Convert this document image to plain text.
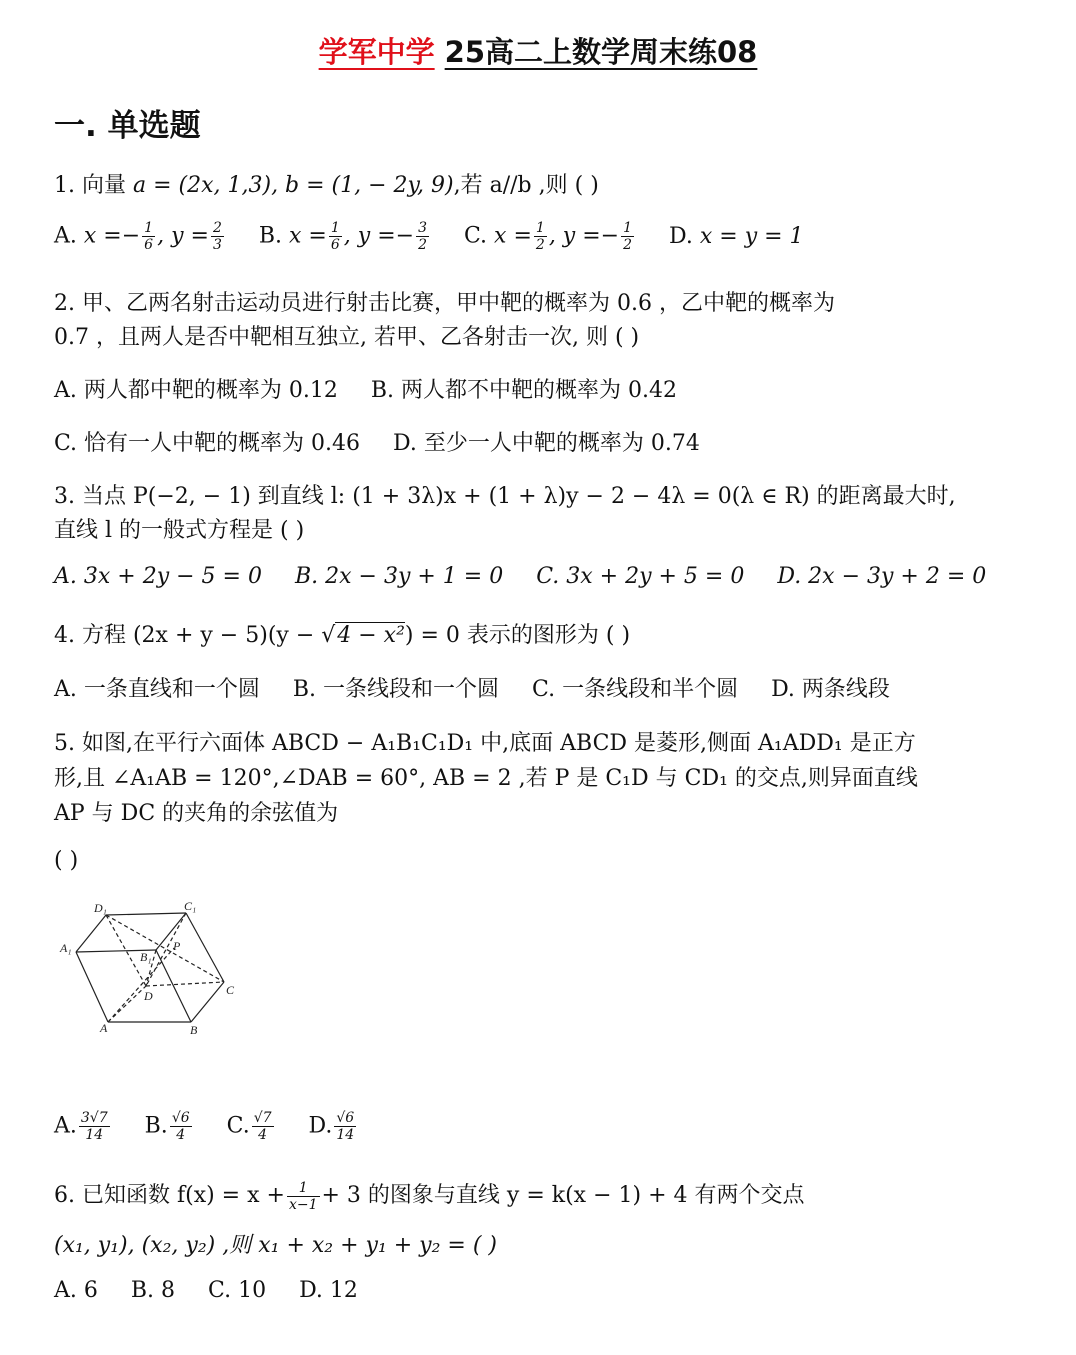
学军中学 25高二上数学周末练08
一. 单选题
1. 向量 a = (2x, 1,3), b = (1, − 2y, 9),若 a//b ,则 ( )
A. $x =- \frac{1}{6}$ , $y = \frac{2}{3} B$. $x = \frac{1}{6}$ , $y =- \frac{3}{2} C$. $x = \frac{1}{2}$ , $y =- \frac{1}{2} D$. x = y = 1
2. 甲、乙两名射击运动员进行射击比赛，甲中靶的概率为 0.6 ，乙中靶的概率为
0.7 ，且两人是否中靶相互独立, 若甲、乙各射击一次, 则 ( )
A. 两人都中靶的概率为 0.12 B. 两人都不中靶的概率为 0.42
C. 恰有一人中靶的概率为 0.46 D. 至少一人中靶的概率为 0.74
3. 当点 P(−2, − 1) 到直线 l: (1 + 3λ)x + (1 + λ)y − 2 − 4λ = 0(λ ∈ R) 的距离最大时,
直线 l 的一般式方程是 ( )
A. 3x + 2y − 5 = 0 B. 2x − 3y + 1 = 0 C. 3x + 2y + 5 = 0 D. 2x − 3y + 2 = 0
4. 方程 (2x + y − 5)(y − √4 − x²) = 0 表示的图形为 ( )
A. 一条直线和一个圆 B. 一条线段和一个圆 C. 一条线段和半个圆 D. 两条线段
5. 如图,在平行六面体 ABCD − A₁B₁C₁D₁ 中,底面 ABCD 是菱形,侧面 A₁ADD₁ 是正方
形,且 ∠A₁AB = 120°,∠DAB = 60°, AB = 2 ,若 P 是 C₁D 与 CD₁ 的交点,则异面直线
AP 与 DC 的夹角的余弦值为
( )
D₁	C₁
A₁
B₁
P
D	C
A	B
A. $\frac{3√7}{14} B$. $\frac{√6}{4} C$. $\frac{√7}{4} D$. $\frac{√6}{14}$
6. 已知函数 $f(x) = x + \frac{1}{x-1} + 3$ 的图象与直线 y = k(x − 1) + 4 有两个交点
(x₁, y₁), (x₂, y₂) ,则 x₁ + x₂ + y₁ + y₂ = ( )
A. 6 B. 8 C. 10 D. 12
